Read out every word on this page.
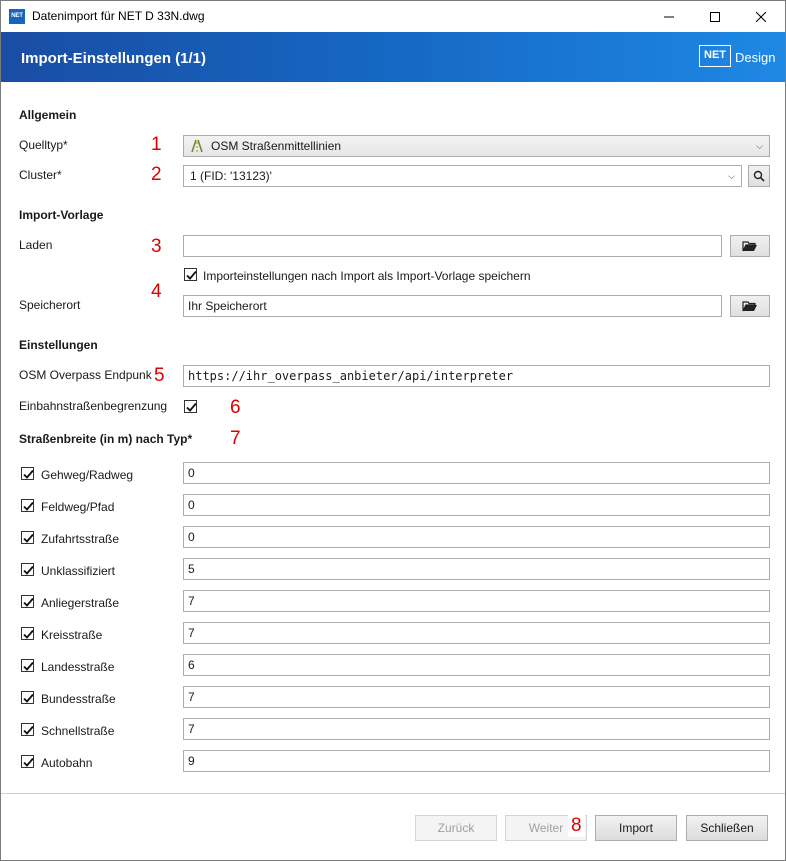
NET Datenimport für NET D 33N.dwg
Import-Einstellungen (1/1)	NET Design
Allgemein
Quelltyp*	1	OSM Straßenmittellinien	⌵
Cluster*	2	1 (FID: '13123)'	⌵
Import-Vorlage
Laden	3
Importeinstellungen nach Import als Import-Vorlage speichern
4
Speicherort	Ihr Speicherort
Einstellungen
OSM Overpass Endpunk 5	https://ihr_overpass_anbieter/api/interpreter
Einbahnstraßenbegrenzung	6
Straßenbreite (in m) nach Typ* 7
Gehweg/Radweg	0
Feldweg/Pfad	0
Zufahrtsstraße	0
Unklassifiziert	5
Anliegerstraße	7
Kreisstraße	7
Landesstraße	6
Bundesstraße	7
Schnellstraße	7
Autobahn	9
Zurück	Weiter 8	Import	Schließen
